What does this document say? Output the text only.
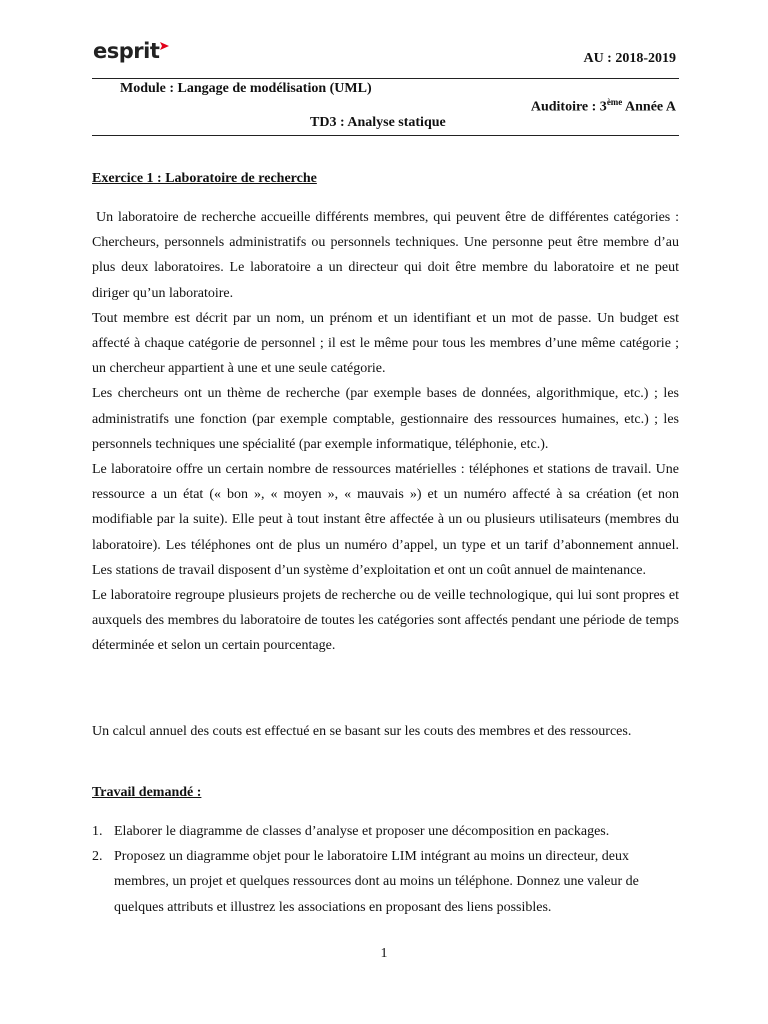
esprit	AU : 2018-2019
Module : Langage de modélisation (UML)
Auditoire : 3ème Année A
TD3 : Analyse statique
Exercice 1 : Laboratoire de recherche

Un laboratoire de recherche accueille différents membres, qui peuvent être de différentes catégories : Chercheurs, personnels administratifs ou personnels techniques. Une personne peut être membre d’au plus deux laboratoires. Le laboratoire a un directeur qui doit être membre du laboratoire et ne peut diriger qu’un laboratoire.

Tout membre est décrit par un nom, un prénom et un identifiant et un mot de passe. Un budget est affecté à chaque catégorie de personnel ; il est le même pour tous les membres d’une même catégorie ; un chercheur appartient à une et une seule catégorie.

Les chercheurs ont un thème de recherche (par exemple bases de données, algorithmique, etc.) ; les administratifs une fonction (par exemple comptable, gestionnaire des ressources humaines, etc.) ; les personnels techniques une spécialité (par exemple informatique, téléphonie, etc.).

Le laboratoire offre un certain nombre de ressources matérielles : téléphones et stations de travail. Une ressource a un état (« bon », « moyen », « mauvais ») et un numéro affecté à sa création (et non modifiable par la suite). Elle peut à tout instant être affectée à un ou plusieurs utilisateurs (membres du laboratoire). Les téléphones ont de plus un numéro d’appel, un type et un tarif d’abonnement annuel. Les stations de travail disposent d’un système d’exploitation et ont un coût annuel de maintenance.

Le laboratoire regroupe plusieurs projets de recherche ou de veille technologique, qui lui sont propres et auxquels des membres du laboratoire de toutes les catégories sont affectés pendant une période de temps déterminée et selon un certain pourcentage.

Un calcul annuel des couts est effectué en se basant sur les couts des membres et des ressources.
Travail demandé :
1. Elaborer le diagramme de classes d’analyse et proposer une décomposition en packages.
2. Proposez un diagramme objet pour le laboratoire LIM intégrant au moins un directeur, deux membres, un projet et quelques ressources dont au moins un téléphone. Donnez une valeur de quelques attributs et illustrez les associations en proposant des liens possibles.
1
